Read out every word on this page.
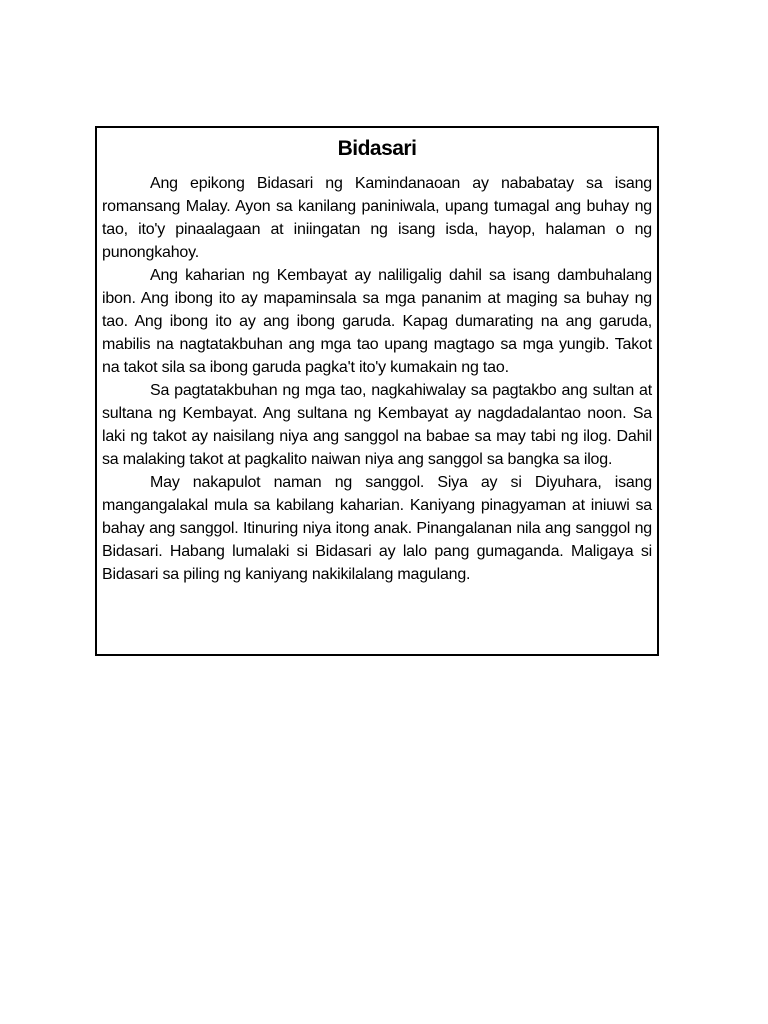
Bidasari

Ang epikong Bidasari ng Kamindanaoan ay nababatay sa isang romansang Malay. Ayon sa kanilang paniniwala, upang tumagal ang buhay ng tao, ito'y pinaalagaan at iniingatan ng isang isda, hayop, halaman o ng punongkahoy.

Ang kaharian ng Kembayat ay naliligalig dahil sa isang dambuhalang ibon. Ang ibong ito ay mapaminsala sa mga pananim at maging sa buhay ng tao. Ang ibong ito ay ang ibong garuda. Kapag dumarating na ang garuda, mabilis na nagtatakbuhan ang mga tao upang magtago sa mga yungib. Takot na takot sila sa ibong garuda pagka't ito'y kumakain ng tao.

Sa pagtatakbuhan ng mga tao, nagkahiwalay sa pagtakbo ang sultan at sultana ng Kembayat. Ang sultana ng Kembayat ay nagdadalantao noon. Sa laki ng takot ay naisilang niya ang sanggol na babae sa may tabi ng ilog. Dahil sa malaking takot at pagkalito naiwan niya ang sanggol sa bangka sa ilog.

May nakapulot naman ng sanggol. Siya ay si Diyuhara, isang mangangalakal mula sa kabilang kaharian. Kaniyang pinagyaman at iniuwi sa bahay ang sanggol. Itinuring niya itong anak. Pinangalanan nila ang sanggol ng Bidasari. Habang lumalaki si Bidasari ay lalo pang gumaganda. Maligaya si Bidasari sa piling ng kaniyang nakikilalang magulang.
